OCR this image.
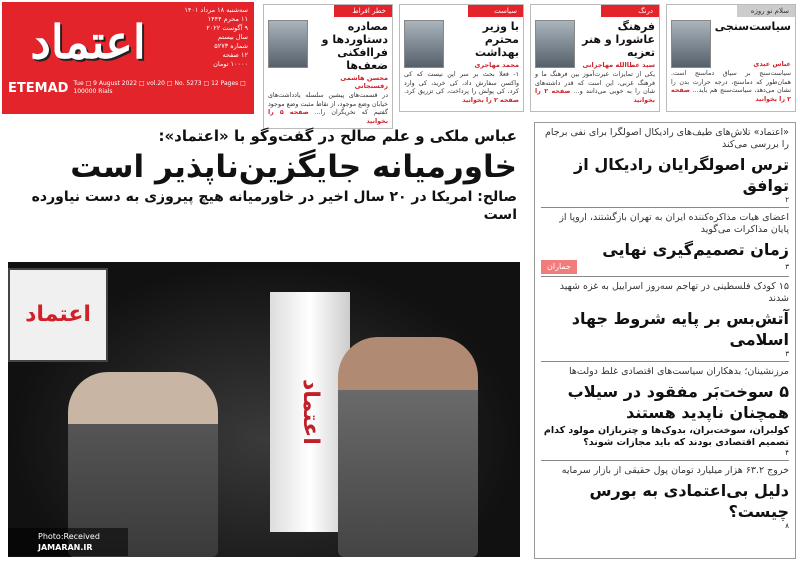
اعتماد
سه‌شنبه ۱۸ مرداد ۱۴۰۱
۱۱ محرم ۱۴۴۴
۹ آگوست ۲۰۲۲
سال بیستم
شماره ۵۲۷۳
۱۲ صفحه
۱۰۰۰۰ تومان
ETEMAD Tue □ 9 August 2022 □ vol.20 □ No. 5273 □ 12 Pages □ 100000 Rials
خطر افراط
مصادره دستاوردها و فراافکنی ضعف‌ها
محسن هاشمی رفسنجانی
در قسمت‌های پیشین سلسله یادداشت‌های خیابان وضع موجود، از نقاط مثبت وضع موجود گفتیم که نخریگران را... صفحه ۵ را بخوانید
سیاست
با وزیر محترم بهداشت
محمد مهاجری
۱- فعلا بحث بر سر این نیست که کی واکسن سفارش داد، کی خرید، کی وارد کرد، کی پولش را پرداخت، کی تزریق کرد. صفحه ۲ را بخوانید
درنگ
فرهنگ عاشورا و هنر تعزیه
سید عطاالله مهاجرانی
یکی از تمایزات عبرت‌آموز بین فرهنگ ما و فرهنگ غربی، این است که قدر داشته‌های شان را به خوبی می‌دانند و... صفحه ۲ را بخوانید
سلام نو روزه
سیاست‌سنجی
عباس عبدی
سیاست‌سنج بر سیاق دماسنج است. همان‌طور که دماسنج، درجه حرارت بدن را نشان می‌دهد، سیاست‌سنج هم باید... صفحه ۲ را بخوانید
عباس ملکی و علم صالح در گفت‌وگو با «اعتماد»:
خاورمیانه جایگزین‌ناپذیر است
صالح: امریکا در ۲۰ سال اخیر در خاورمیانه هیچ پیروزی به دست نیاورده است
اعتماد
اعتماد
Photo:Received
JAMARAN.IR
«اعتماد» تلاش‌های طیف‌های رادیکال اصولگرا برای نفی برجام را بررسی می‌کند
ترس اصولگرایان رادیکال از توافق
۲
اعضای هیات مذاکره‌کننده ایران به تهران بازگشتند، اروپا از پایان مذاکرات می‌گوید
زمان تصمیم‌گیری نهایی
۳
جماران
۱۵ کودک فلسطینی در تهاجم سه‌روز اسراییل به غزه شهید شدند
آتش‌بس بر پایه شروط جهاد اسلامی
۳
مرزنشینان؛ بدهکاران سیاست‌های اقتصادی غلط دولت‌ها
۵ سوخت‌بَر مفقود در سیلاب همچنان ناپدید هستند
کولبران، سوخت‌بران، بدوک‌ها و چتربازان مولود کدام تصمیم اقتصادی بودند که باید مجازات شوند؟
۴
خروج ۶۳.۲ هزار میلیارد تومان پول حقیقی از بازار سرمایه
دلیل بی‌اعتمادی به بورس چیست؟
۸
